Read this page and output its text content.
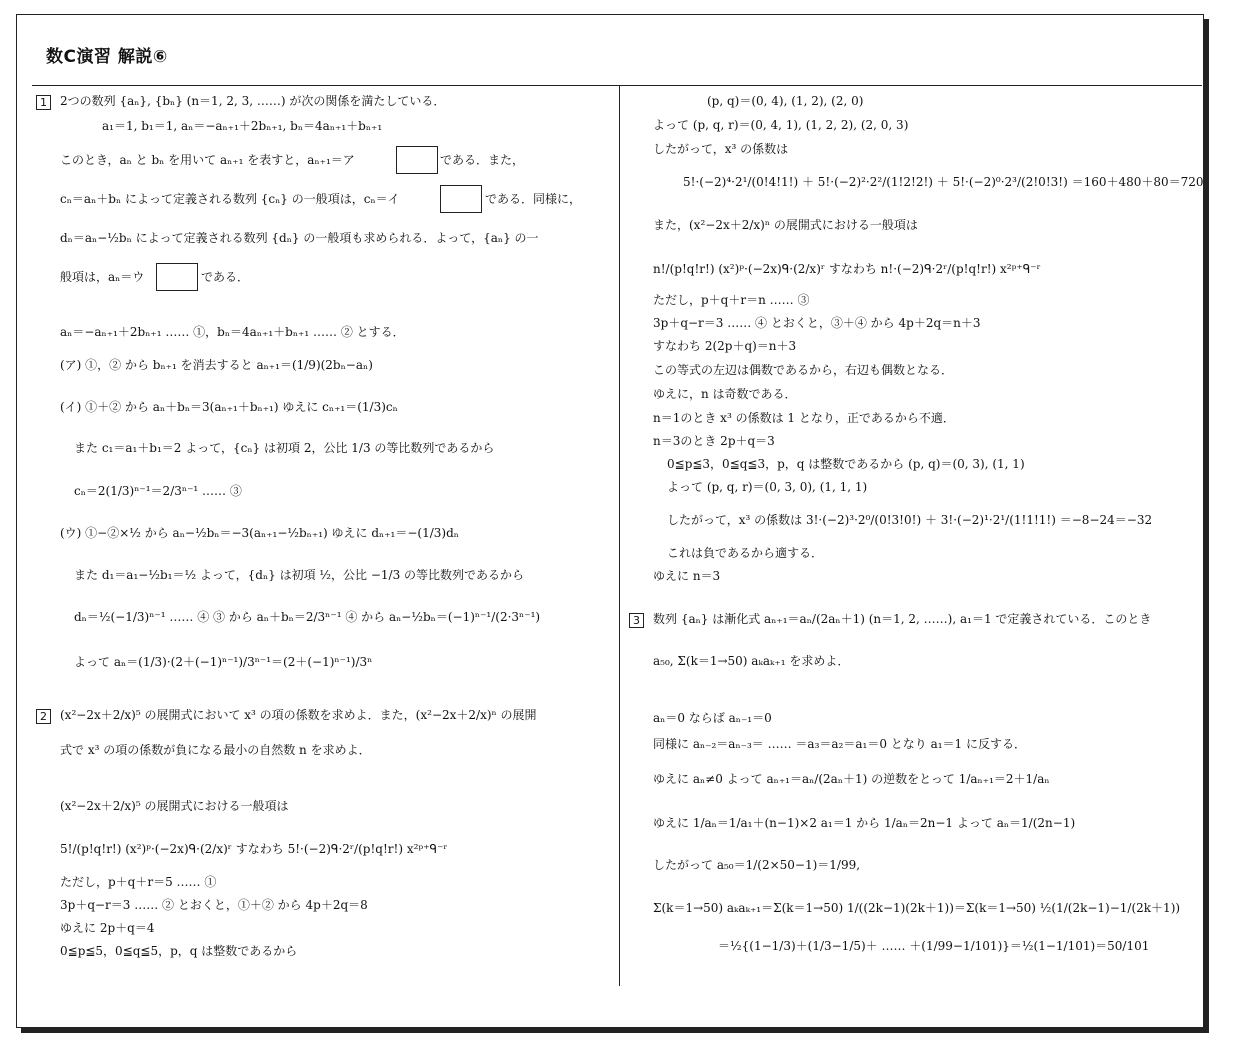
数C演習 解説⑥
1	2つの数列 {aₙ}, {bₙ} (n＝1, 2, 3, ……) が次の関係を満たしている．
a₁＝1, b₁＝1, aₙ＝−aₙ₊₁＋2bₙ₊₁, bₙ＝4aₙ₊₁＋bₙ₊₁
このとき，aₙ と bₙ を用いて aₙ₊₁ を表すと，aₙ₊₁＝ア	である．また，
cₙ＝aₙ＋bₙ によって定義される数列 {cₙ} の一般項は，cₙ＝イ	である．同様に，
dₙ＝aₙ−½bₙ によって定義される数列 {dₙ} の一般項も求められる．よって，{aₙ} の一
般項は，aₙ＝ウ	である．
aₙ＝−aₙ₊₁＋2bₙ₊₁ …… ①，bₙ＝4aₙ₊₁＋bₙ₊₁ …… ② とする．
(ア) ①，② から bₙ₊₁ を消去すると aₙ₊₁＝(1/9)(2bₙ−aₙ)
(イ) ①＋② から aₙ＋bₙ＝3(aₙ₊₁＋bₙ₊₁) ゆえに cₙ₊₁＝(1/3)cₙ
また c₁＝a₁＋b₁＝2 よって，{cₙ} は初項 2，公比 1/3 の等比数列であるから
cₙ＝2(1/3)ⁿ⁻¹＝2/3ⁿ⁻¹ …… ③
(ウ) ①−②×½ から aₙ−½bₙ＝−3(aₙ₊₁−½bₙ₊₁) ゆえに dₙ₊₁＝−(1/3)dₙ
また d₁＝a₁−½b₁＝½ よって，{dₙ} は初項 ½，公比 −1/3 の等比数列であるから
dₙ＝½(−1/3)ⁿ⁻¹ …… ④ ③ から aₙ＋bₙ＝2/3ⁿ⁻¹ ④ から aₙ−½bₙ＝(−1)ⁿ⁻¹/(2·3ⁿ⁻¹)
よって aₙ＝(1/3)·(2＋(−1)ⁿ⁻¹)/3ⁿ⁻¹＝(2＋(−1)ⁿ⁻¹)/3ⁿ
2	(x²−2x＋2/x)⁵ の展開式において x³ の項の係数を求めよ．また，(x²−2x＋2/x)ⁿ の展開
式で x³ の項の係数が負になる最小の自然数 n を求めよ．
(x²−2x＋2/x)⁵ の展開式における一般項は
5!/(p!q!r!) (x²)ᵖ·(−2x)ᑫ·(2/x)ʳ すなわち 5!·(−2)ᑫ·2ʳ/(p!q!r!) x²ᵖ⁺ᑫ⁻ʳ
ただし，p＋q＋r＝5 …… ①
3p＋q−r＝3 …… ② とおくと，①＋② から 4p＋2q＝8
ゆえに 2p＋q＝4
0≦p≦5，0≦q≦5，p，q は整数であるから
(p, q)＝(0, 4), (1, 2), (2, 0)
よって (p, q, r)＝(0, 4, 1), (1, 2, 2), (2, 0, 3)
したがって，x³ の係数は
5!·(−2)⁴·2¹/(0!4!1!) ＋ 5!·(−2)²·2²/(1!2!2!) ＋ 5!·(−2)⁰·2³/(2!0!3!) ＝160＋480＋80＝720
また，(x²−2x＋2/x)ⁿ の展開式における一般項は
n!/(p!q!r!) (x²)ᵖ·(−2x)ᑫ·(2/x)ʳ すなわち n!·(−2)ᑫ·2ʳ/(p!q!r!) x²ᵖ⁺ᑫ⁻ʳ
ただし，p＋q＋r＝n …… ③
3p＋q−r＝3 …… ④ とおくと，③＋④ から 4p＋2q＝n＋3
すなわち 2(2p＋q)＝n＋3
この等式の左辺は偶数であるから，右辺も偶数となる．
ゆえに，n は奇数である．
n＝1のとき x³ の係数は 1 となり，正であるから不適．
n＝3のとき 2p＋q＝3
0≦p≦3，0≦q≦3，p，q は整数であるから (p, q)＝(0, 3), (1, 1)
よって (p, q, r)＝(0, 3, 0), (1, 1, 1)
したがって，x³ の係数は 3!·(−2)³·2⁰/(0!3!0!) ＋ 3!·(−2)¹·2¹/(1!1!1!) ＝−8−24＝−32
これは負であるから適する．
ゆえに n＝3
3	数列 {aₙ} は漸化式 aₙ₊₁＝aₙ/(2aₙ＋1) (n＝1, 2, ……), a₁＝1 で定義されている．このとき
a₅₀, Σ(k＝1→50) aₖaₖ₊₁ を求めよ．
aₙ＝0 ならば aₙ₋₁＝0
同様に aₙ₋₂＝aₙ₋₃＝ …… ＝a₃＝a₂＝a₁＝0 となり a₁＝1 に反する．
ゆえに aₙ≠0 よって aₙ₊₁＝aₙ/(2aₙ＋1) の逆数をとって 1/aₙ₊₁＝2＋1/aₙ
ゆえに 1/aₙ＝1/a₁＋(n−1)×2 a₁＝1 から 1/aₙ＝2n−1 よって aₙ＝1/(2n−1)
したがって a₅₀＝1/(2×50−1)＝1/99,
Σ(k＝1→50) aₖaₖ₊₁＝Σ(k＝1→50) 1/((2k−1)(2k＋1))＝Σ(k＝1→50) ½(1/(2k−1)−1/(2k＋1))
＝½{(1−1/3)＋(1/3−1/5)＋ …… ＋(1/99−1/101)}＝½(1−1/101)＝50/101
